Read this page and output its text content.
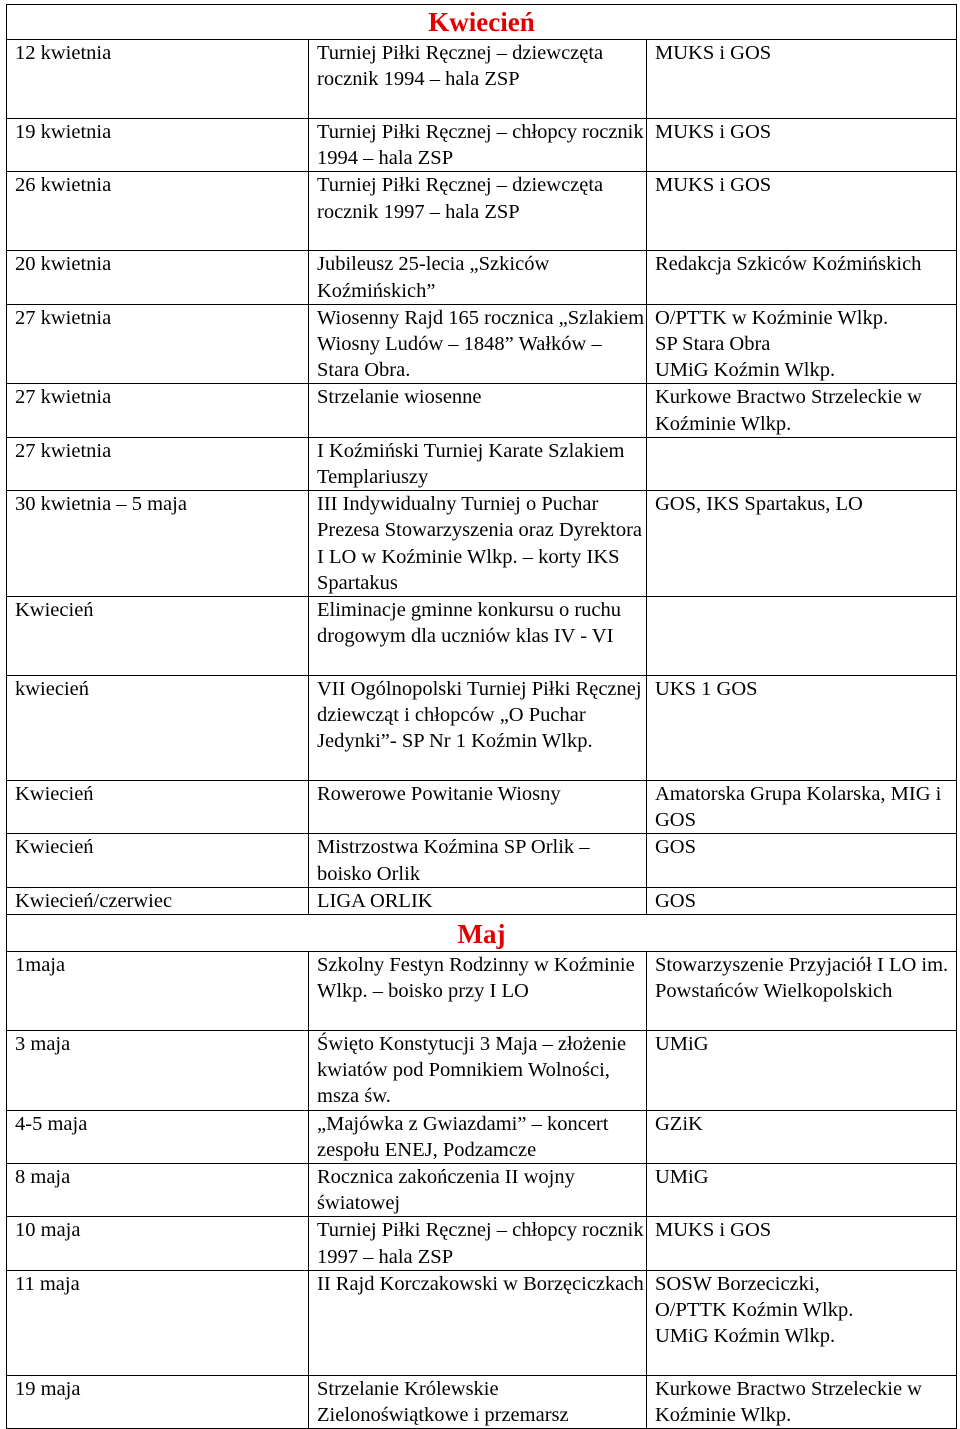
Kwiecień		
12 kwietnia	Turniej Piłki Ręcznej – dziewczęta rocznik 1994 – hala ZSP	MUKS i GOS

19 kwietnia	Turniej Piłki Ręcznej – chłopcy rocznik 1994 – hala ZSP	MUKS i GOS

26 kwietnia	Turniej Piłki Ręcznej – dziewczęta rocznik 1997 – hala ZSP	MUKS i GOS

20 kwietnia	Jubileusz 25-lecia „Szkiców Koźmińskich”	Redakcja Szkiców Koźmińskich

27 kwietnia	Wiosenny Rajd 165 rocznica „Szlakiem Wiosny Ludów – 1848” Wałków – Stara Obra.	O/PTTK w Koźminie Wlkp.
SP Stara Obra
UMiG Koźmin Wlkp.

27 kwietnia	Strzelanie wiosenne	Kurkowe Bractwo Strzeleckie w Koźminie Wlkp.

27 kwietnia	I Koźmiński Turniej Karate Szlakiem Templariuszy	
30 kwietnia – 5 maja	III Indywidualny Turniej o Puchar Prezesa Stowarzyszenia oraz Dyrektora I LO w Koźminie Wlkp. – korty IKS Spartakus	GOS, IKS Spartakus, LO

Kwiecień	Eliminacje gminne konkursu o ruchu drogowym dla uczniów klas IV - VI	
kwiecień	VII Ogólnopolski Turniej Piłki Ręcznej dziewcząt i chłopców „O Puchar Jedynki”- SP Nr 1 Koźmin Wlkp.	UKS 1 GOS

Kwiecień	Rowerowe Powitanie Wiosny	Amatorska Grupa Kolarska, MIG i GOS

Kwiecień	Mistrzostwa Koźmina SP Orlik – boisko Orlik	GOS

Kwiecień/czerwiec	LIGA ORLIK	GOS

Maj		
1maja	Szkolny Festyn Rodzinny w Koźminie Wlkp. – boisko przy I LO	Stowarzyszenie Przyjaciół I LO im. Powstańców Wielkopolskich

3 maja	Święto Konstytucji 3 Maja – złożenie kwiatów pod Pomnikiem Wolności, msza św.	UMiG

4-5 maja	„Majówka z Gwiazdami” – koncert zespołu ENEJ, Podzamcze	GZiK

8 maja	Rocznica zakończenia II wojny światowej	UMiG

10 maja	Turniej Piłki Ręcznej – chłopcy rocznik 1997 – hala ZSP	MUKS i GOS

11 maja	II Rajd Korczakowski w Borzęciczkach	SOSW Borzeciczki,
O/PTTK Koźmin Wlkp.
UMiG Koźmin Wlkp.

19 maja	Strzelanie Królewskie Zielonoświątkowe i przemarsz	Kurkowe Bractwo Strzeleckie w Koźminie Wlkp.
